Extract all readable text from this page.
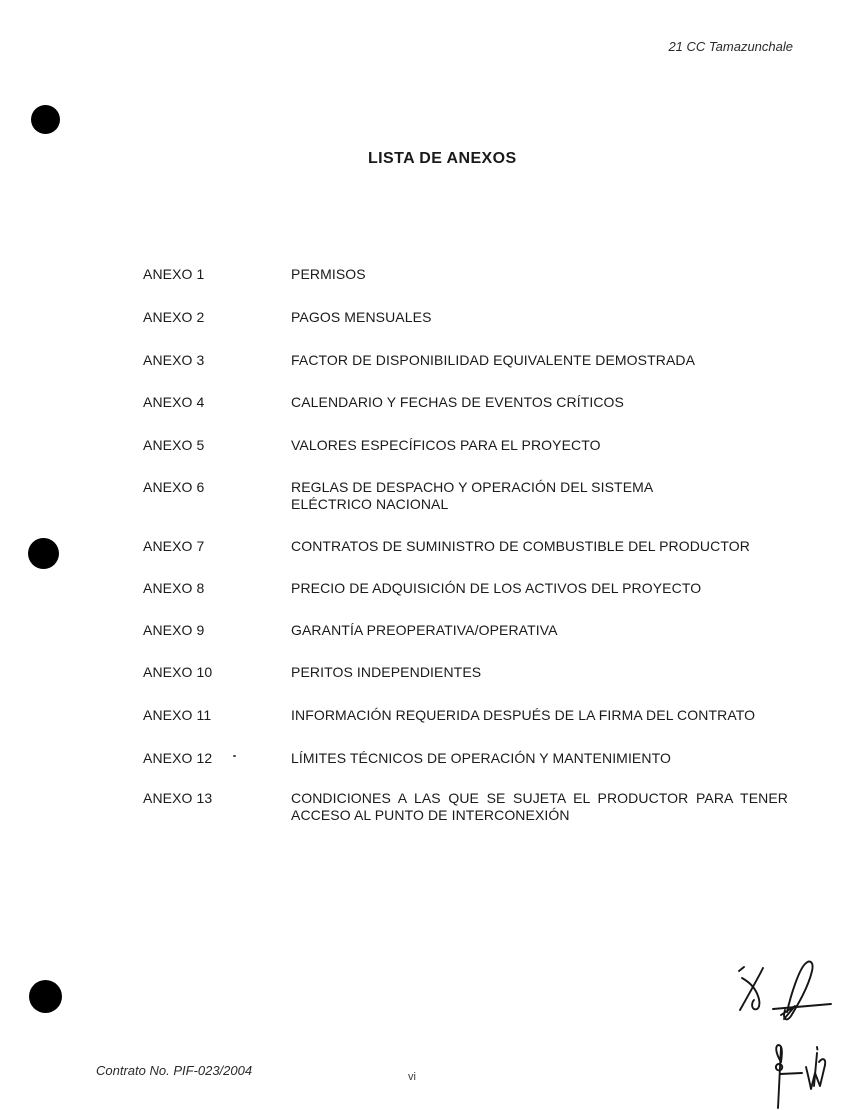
21 CC Tamazunchale
LISTA DE ANEXOS
ANEXO 1	PERMISOS
ANEXO 2	PAGOS MENSUALES
ANEXO 3	FACTOR DE DISPONIBILIDAD EQUIVALENTE DEMOSTRADA
ANEXO 4	CALENDARIO Y FECHAS DE EVENTOS CRÍTICOS
ANEXO 5	VALORES ESPECÍFICOS PARA EL PROYECTO
ANEXO 6	REGLAS DE DESPACHO Y OPERACIÓN DEL SISTEMA ELÉCTRICO NACIONAL
ANEXO 7	CONTRATOS DE SUMINISTRO DE COMBUSTIBLE DEL PRODUCTOR
ANEXO 8	PRECIO DE ADQUISICIÓN DE LOS ACTIVOS DEL PROYECTO
ANEXO 9	GARANTÍA PREOPERATIVA/OPERATIVA
ANEXO 10	PERITOS INDEPENDIENTES
ANEXO 11	INFORMACIÓN REQUERIDA DESPUÉS DE LA FIRMA DEL CONTRATO
ANEXO 12	LÍMITES TÉCNICOS DE OPERACIÓN Y MANTENIMIENTO
ANEXO 13	CONDICIONES A LAS QUE SE SUJETA EL PRODUCTOR PARA TENER ACCESO AL PUNTO DE INTERCONEXIÓN
Contrato No. PIF-023/2004	vi
